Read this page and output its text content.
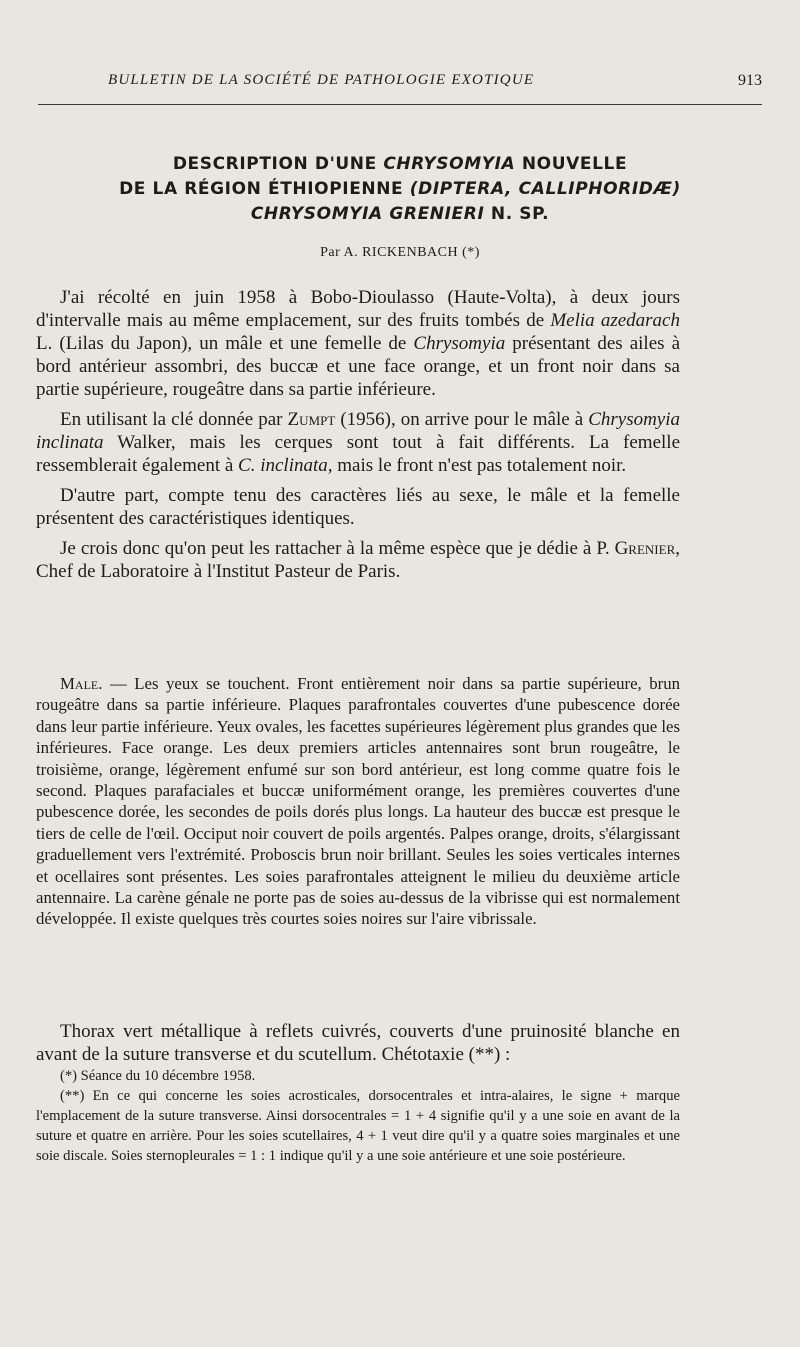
BULLETIN DE LA SOCIÉTÉ DE PATHOLOGIE EXOTIQUE	913
DESCRIPTION D'UNE CHRYSOMYIA NOUVELLE
DE LA RÉGION ÉTHIOPIENNE (DIPTERA, CALLIPHORIDÆ)
CHRYSOMYIA GRENIERI N. SP.
Par A. RICKENBACH (*)

J'ai récolté en juin 1958 à Bobo-Dioulasso (Haute-Volta), à deux jours d'intervalle mais au même emplacement, sur des fruits tombés de Melia azedarach L. (Lilas du Japon), un mâle et une femelle de Chrysomyia présentant des ailes à bord antérieur assombri, des buccæ et une face orange, et un front noir dans sa partie supérieure, rougeâtre dans sa partie inférieure.

En utilisant la clé donnée par Zumpt (1956), on arrive pour le mâle à Chrysomyia inclinata Walker, mais les cerques sont tout à fait différents. La femelle ressemblerait également à C. inclinata, mais le front n'est pas totalement noir.

D'autre part, compte tenu des caractères liés au sexe, le mâle et la femelle présentent des caractéristiques identiques.

Je crois donc qu'on peut les rattacher à la même espèce que je dédie à P. Grenier, Chef de Laboratoire à l'Institut Pasteur de Paris.

Male. — Les yeux se touchent. Front entièrement noir dans sa partie supérieure, brun rougeâtre dans sa partie inférieure. Plaques parafrontales couvertes d'une pubescence dorée dans leur partie inférieure. Yeux ovales, les facettes supérieures légèrement plus grandes que les inférieures. Face orange. Les deux premiers articles antennaires sont brun rougeâtre, le troisième, orange, légèrement enfumé sur son bord antérieur, est long comme quatre fois le second. Plaques parafaciales et buccæ uniformément orange, les premières couvertes d'une pubescence dorée, les secondes de poils dorés plus longs. La hauteur des buccæ est presque le tiers de celle de l'œil. Occiput noir couvert de poils argentés. Palpes orange, droits, s'élargissant graduellement vers l'extrémité. Proboscis brun noir brillant. Seules les soies verticales internes et ocellaires sont présentes. Les soies parafrontales atteignent le milieu du deuxième article antennaire. La carène génale ne porte pas de soies au-dessus de la vibrisse qui est normalement développée. Il existe quelques très courtes soies noires sur l'aire vibrissale.

Thorax vert métallique à reflets cuivrés, couverts d'une pruinosité blanche en avant de la suture transverse et du scutellum. Chétotaxie (**) :

(*) Séance du 10 décembre 1958.

(**) En ce qui concerne les soies acrosticales, dorsocentrales et intra-alaires, le signe + marque l'emplacement de la suture transverse. Ainsi dorsocentrales = 1 + 4 signifie qu'il y a une soie en avant de la suture et quatre en arrière. Pour les soies scutellaires, 4 + 1 veut dire qu'il y a quatre soies marginales et une soie discale. Soies sternopleurales = 1 : 1 indique qu'il y a une soie antérieure et une soie postérieure.
